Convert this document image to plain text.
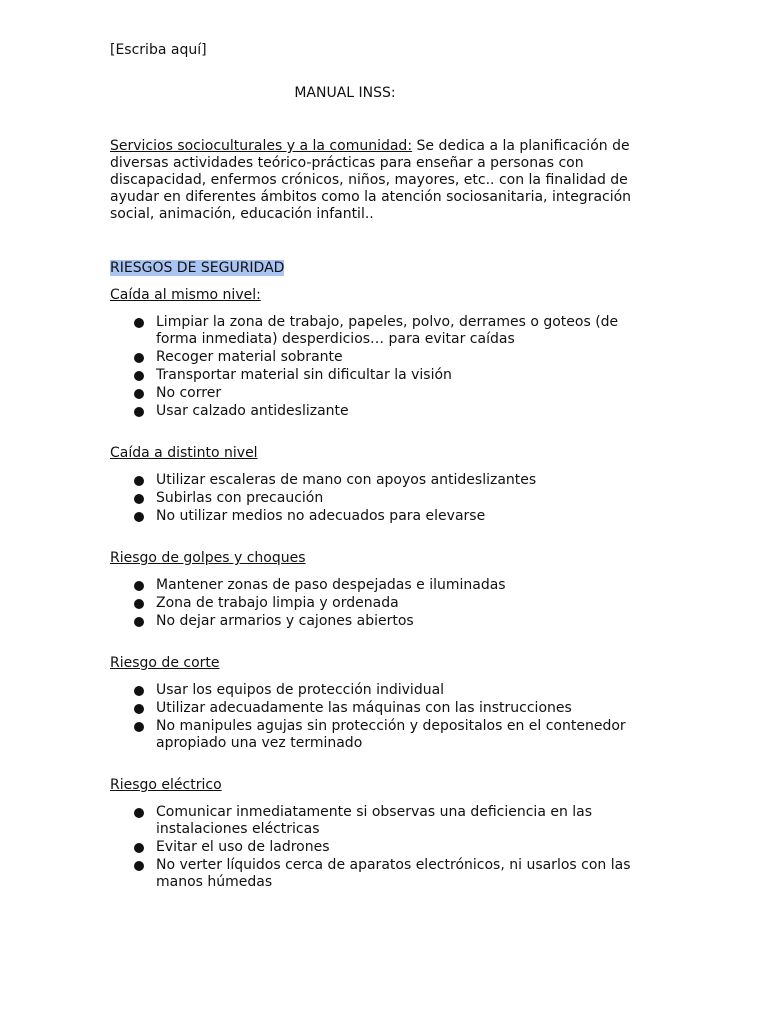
[Escriba aquí]

MANUAL INSS:

Servicios socioculturales y a la comunidad: Se dedica a la planificación de diversas actividades teórico-prácticas para enseñar a personas con discapacidad, enfermos crónicos, niños, mayores, etc.. con la finalidad de ayudar en diferentes ámbitos como la atención sociosanitaria, integración social, animación, educación infantil..

RIESGOS DE SEGURIDAD

Caída al mismo nivel:

Limpiar la zona de trabajo, papeles, polvo, derrames o goteos (de forma inmediata) desperdicios… para evitar caídas
Recoger material sobrante
Transportar material sin dificultar la visión
No correr
Usar calzado antideslizante

Caída a distinto nivel

Utilizar escaleras de mano con apoyos antideslizantes
Subirlas con precaución
No utilizar medios no adecuados para elevarse

Riesgo de golpes y choques

Mantener zonas de paso despejadas e iluminadas
Zona de trabajo limpia y ordenada
No dejar armarios y cajones abiertos

Riesgo de corte

Usar los equipos de protección individual
Utilizar adecuadamente las máquinas con las instrucciones
No manipules agujas sin protección y depositalos en el contenedor apropiado una vez terminado

Riesgo eléctrico

Comunicar inmediatamente si observas una deficiencia en las instalaciones eléctricas
Evitar el uso de ladrones
No verter líquidos cerca de aparatos electrónicos, ni usarlos con las manos húmedas
